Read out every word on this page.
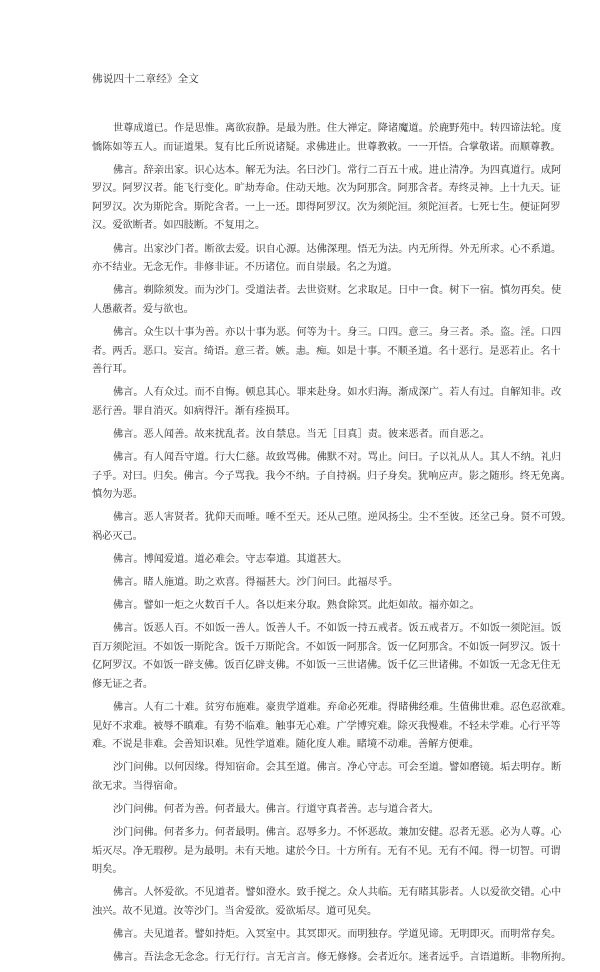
佛说四十二章经》全文
世尊成道已。作是思惟。离欲寂静。是最为胜。住大禅定。降诸魔道。於鹿野苑中。转四谛法轮。度
憍陈如等五人。而证道果。复有比丘所说诸疑。求佛进止。世尊教敕。一一开悟。合掌敬诺。而顺尊教。
佛言。辞亲出家。识心达本。解无为法。名曰沙门。常行二百五十戒。进止清净。为四真道行。成阿
罗汉。阿罗汉者。能飞行变化。旷劫寿命。住动天地。次为阿那含。阿那含者。寿终灵神。上十九天。证
阿罗汉。次为斯陀含。斯陀含者。一上一还。即得阿罗汉。次为须陀洹。须陀洹者。七死七生。便证阿罗
汉。爱欲断者。如四肢断。不复用之。
佛言。出家沙门者。断欲去爱。识自心源。达佛深理。悟无为法。内无所得。外无所求。心不系道。
亦不结业。无念无作。非修非证。不历诸位。而自崇最。名之为道。
佛言。剃除须发。而为沙门。受道法者。去世资财。乞求取足。日中一食。树下一宿。慎勿再矣。使
人愚蔽者。爱与欲也。
佛言。众生以十事为善。亦以十事为恶。何等为十。身三。口四。意三。身三者。杀。盗。淫。口四
者。两舌。恶口。妄言。绮语。意三者。嫉。恚。痴。如是十事。不顺圣道。名十恶行。是恶若止。名十
善行耳。
佛言。人有众过。而不自悔。顿息其心。罪来赴身。如水归海。渐成深广。若人有过。自解知非。改
恶行善。罪自消灭。如病得汗。渐有痊损耳。
佛言。恶人闻善。故来扰乱者。汝自禁息。当无［目真］责。彼来恶者。而自恶之。
佛言。有人闻吾守道。行大仁慈。故致骂佛。佛默不对。骂止。问曰。子以礼从人。其人不纳。礼归
子乎。对曰。归矣。佛言。今子骂我。我今不纳。子自持祸。归子身矣。犹响应声。影之随形。终无免离。
慎勿为恶。
佛言。恶人害贤者。犹仰天而唾。唾不至天。还从己堕。逆风扬尘。尘不至彼。还坌己身。贤不可毁。
祸必灭己。
佛言。博闻爱道。道必难会。守志奉道。其道甚大。
佛言。睹人施道。助之欢喜。得福甚大。沙门问曰。此福尽乎。
佛言。譬如一炬之火数百千人。各以炬来分取。熟食除冥。此炬如故。福亦如之。
佛言。饭恶人百。不如饭一善人。饭善人千。不如饭一持五戒者。饭五戒者万。不如饭一须陀洹。饭
百万须陀洹。不如饭一斯陀含。饭千万斯陀含。不如饭一阿那含。饭一亿阿那含。不如饭一阿罗汉。饭十
亿阿罗汉。不如饭一辟支佛。饭百亿辟支佛。不如饭一三世诸佛。饭千亿三世诸佛。不如饭一无念无住无
修无证之者。
佛言。人有二十难。贫穷布施难。豪贵学道难。弃命必死难。得睹佛经难。生值佛世难。忍色忍欲难。
见好不求难。被辱不瞋难。有势不临难。触事无心难。广学博究难。除灭我慢难。不轻未学难。心行平等
难。不说是非难。会善知识难。见性学道难。随化度人难。睹境不动难。善解方便难。
沙门问佛。以何因缘。得知宿命。会其至道。佛言。净心守志。可会至道。譬如磨镜。垢去明存。断
欲无求。当得宿命。
沙门问佛。何者为善。何者最大。佛言。行道守真者善。志与道合者大。
沙门问佛。何者多力。何者最明。佛言。忍辱多力。不怀恶故。兼加安健。忍者无恶。必为人尊。心
垢灭尽。净无瑕秽。是为最明。未有天地。逮於今日。十方所有。无有不见。无有不闻。得一切智。可谓
明矣。
佛言。人怀爱欲。不见道者。譬如澄水。致手搅之。众人共临。无有睹其影者。人以爱欲交错。心中
浊兴。故不见道。汝等沙门。当舍爱欲。爱欲垢尽。道可见矣。
佛言。夫见道者。譬如持炬。入冥室中。其冥即灭。而明独存。学道见谛。无明即灭。而明常存矣。
佛言。吾法念无念念。行无行行。言无言言。修无修修。会者近尔。迷者远乎。言语道断。非物所拘。
